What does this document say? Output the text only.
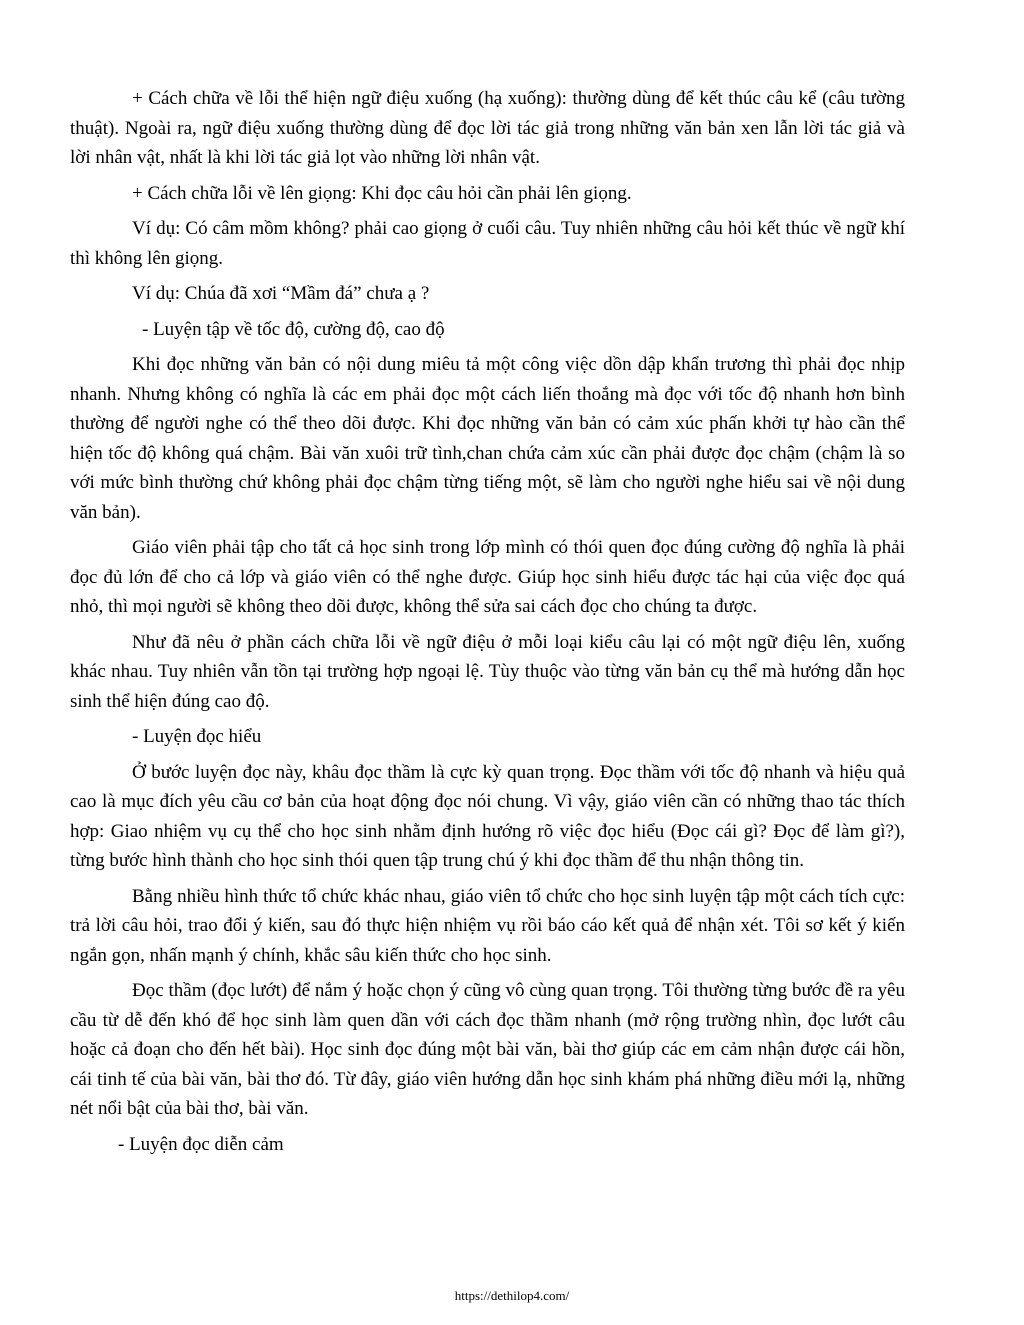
+ Cách chữa về lỗi thể hiện ngữ điệu xuống (hạ xuống): thường dùng để kết thúc câu kể (câu tường thuật). Ngoài ra, ngữ điệu xuống thường dùng để đọc lời tác giả trong những văn bản xen lẫn lời tác giả và lời nhân vật, nhất là khi lời tác giả lọt vào những lời nhân vật.

+ Cách chữa lỗi về lên giọng: Khi đọc câu hỏi cần phải lên giọng.

Ví dụ: Có câm mồm không? phải cao giọng ở cuối câu. Tuy nhiên những câu hỏi kết thúc về ngữ khí thì không lên giọng.

Ví dụ: Chúa đã xơi “Mầm đá” chưa ạ ?

- Luyện tập về tốc độ, cường độ, cao độ

Khi đọc những văn bản có nội dung miêu tả một công việc dồn dập khẩn trương thì phải đọc nhịp nhanh. Nhưng không có nghĩa là các em phải đọc một cách liến thoắng mà đọc với tốc độ nhanh hơn bình thường để người nghe có thể theo dõi được. Khi đọc những văn bản có cảm xúc phấn khởi tự hào cần thể hiện tốc độ không quá chậm. Bài văn xuôi trữ tình,chan chứa cảm xúc cần phải được đọc chậm (chậm là so với mức bình thường chứ không phải đọc chậm từng tiếng một, sẽ làm cho người nghe hiểu sai về nội dung văn bản).

Giáo viên phải tập cho tất cả học sinh trong lớp mình có thói quen đọc đúng cường độ nghĩa là phải đọc đủ lớn để cho cả lớp và giáo viên có thể nghe được. Giúp học sinh hiểu được tác hại của việc đọc quá nhỏ, thì mọi người sẽ không theo dõi được, không thể sửa sai cách đọc cho chúng ta được.

Như đã nêu ở phần cách chữa lỗi về ngữ điệu ở mỗi loại kiểu câu lại có một ngữ điệu lên, xuống khác nhau. Tuy nhiên vẫn tồn tại trường hợp ngoại lệ. Tùy thuộc vào từng văn bản cụ thể mà hướng dẫn học sinh thể hiện đúng cao độ.

- Luyện đọc hiểu

Ở bước luyện đọc này, khâu đọc thầm là cực kỳ quan trọng. Đọc thầm với tốc độ nhanh và hiệu quả cao là mục đích yêu cầu cơ bản của hoạt động đọc nói chung. Vì vậy, giáo viên cần có những thao tác thích hợp: Giao nhiệm vụ cụ thể cho học sinh nhằm định hướng rõ việc đọc hiểu (Đọc cái gì? Đọc để làm gì?), từng bước hình thành cho học sinh thói quen tập trung chú ý khi đọc thầm để thu nhận thông tin.

Bằng nhiều hình thức tổ chức khác nhau, giáo viên tổ chức cho học sinh luyện tập một cách tích cực: trả lời câu hỏi, trao đổi ý kiến, sau đó thực hiện nhiệm vụ rồi báo cáo kết quả để nhận xét. Tôi sơ kết ý kiến ngắn gọn, nhấn mạnh ý chính, khắc sâu kiến thức cho học sinh.

Đọc thầm (đọc lướt) để nắm ý hoặc chọn ý cũng vô cùng quan trọng. Tôi thường từng bước đề ra yêu cầu từ dễ đến khó để học sinh làm quen dần với cách đọc thầm nhanh (mở rộng trường nhìn, đọc lướt câu hoặc cả đoạn cho đến hết bài). Học sinh đọc đúng một bài văn, bài thơ giúp các em cảm nhận được cái hồn, cái tinh tế của bài văn, bài thơ đó. Từ đây, giáo viên hướng dẫn học sinh khám phá những điều mới lạ, những nét nổi bật của bài thơ, bài văn.

- Luyện đọc diễn cảm

https://dethilop4.com/
